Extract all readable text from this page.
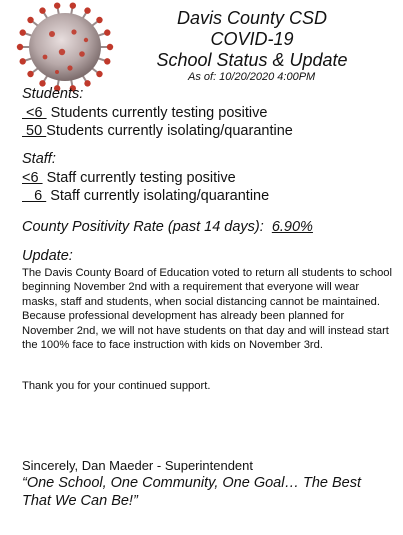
Davis County CSD
COVID-19
School Status & Update
As of: 10/20/2020 4:00PM
Students:
<6  Students currently testing positive
50 Students currently isolating/quarantine
Staff:
<6  Staff currently testing positive
6  Staff currently isolating/quarantine
County Positivity Rate (past 14 days):  6.90%
Update:
The Davis County Board of Education voted to return all students to school beginning November 2nd with a requirement that everyone will wear masks, staff and students, when social distancing cannot be maintained. Because professional development has already been planned for November 2nd, we will not have students on that day and will instead start the 100% face to face instruction with kids on November 3rd.
Thank you for your continued support.
Sincerely, Dan Maeder - Superintendent
“One School, One Community, One Goal… The Best That We Can Be!”
